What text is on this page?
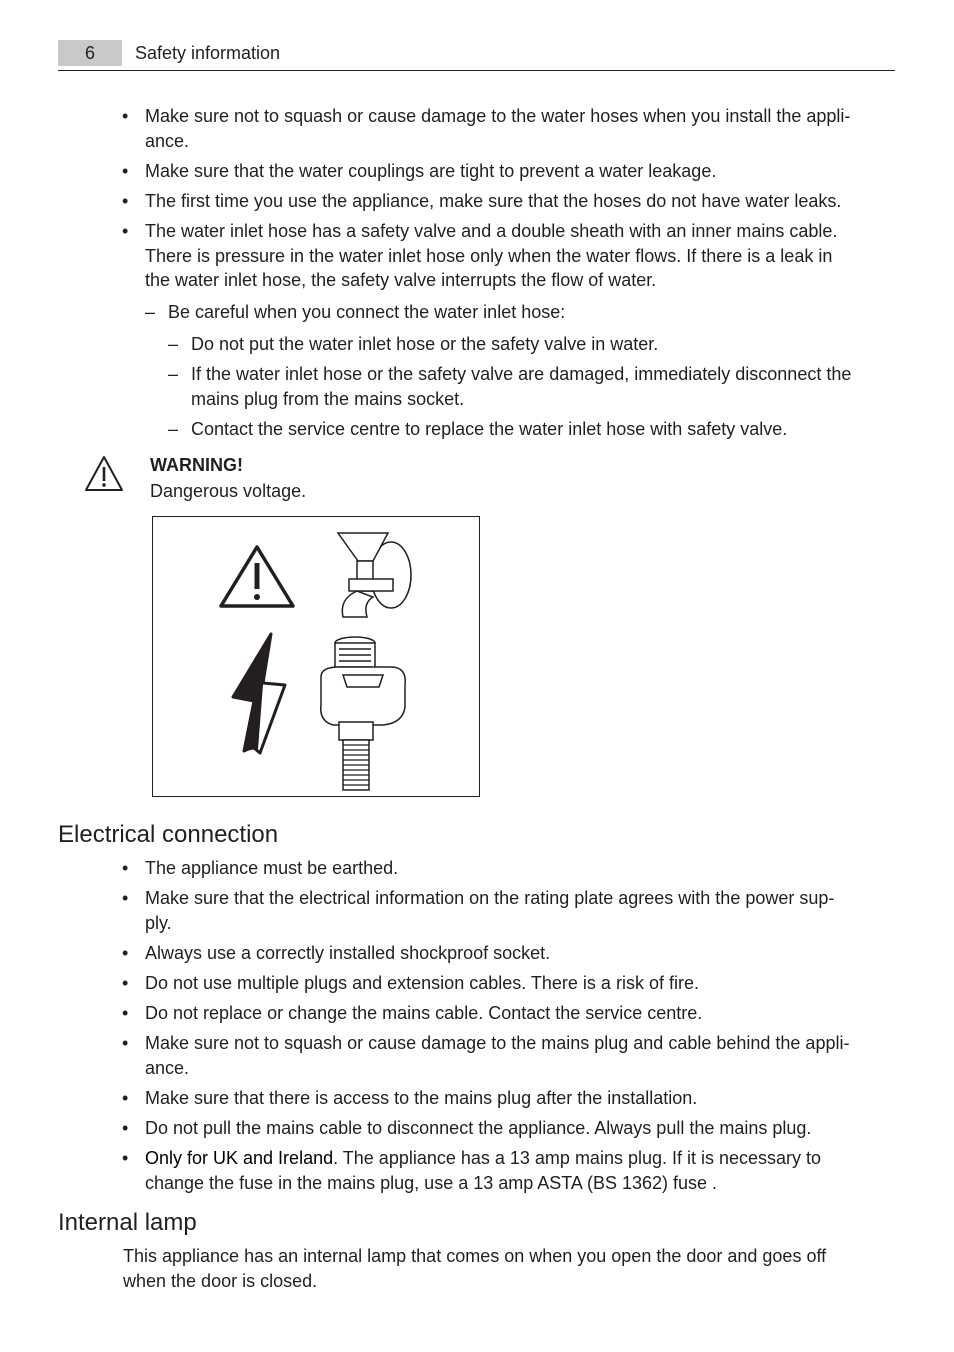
6	Safety information
•
Make sure not to squash or cause damage to the water hoses when you install the appli-
ance.
•
Make sure that the water couplings are tight to prevent a water leakage.
•
The first time you use the appliance, make sure that the hoses do not have water leaks.
•
The water inlet hose has a safety valve and a double sheath with an inner mains cable.
There is pressure in the water inlet hose only when the water flows. If there is a leak in
the water inlet hose, the safety valve interrupts the flow of water.
– Be careful when you connect the water inlet hose:
– Do not put the water inlet hose or the safety valve in water.
– If the water inlet hose or the safety valve are damaged, immediately disconnect the
mains plug from the mains socket.
– Contact the service centre to replace the water inlet hose with safety valve.
WARNING!
Dangerous voltage.
Electrical connection
•
The appliance must be earthed.
•
Make sure that the electrical information on the rating plate agrees with the power sup-
ply.
•
Always use a correctly installed shockproof socket.
•
Do not use multiple plugs and extension cables. There is a risk of fire.
•
Do not replace or change the mains cable. Contact the service centre.
•
Make sure not to squash or cause damage to the mains plug and cable behind the appli-
ance.
•
Make sure that there is access to the mains plug after the installation.
•
Do not pull the mains cable to disconnect the appliance. Always pull the mains plug.
•
Only for UK and Ireland. The appliance has a 13 amp mains plug. If it is necessary to
change the fuse in the mains plug, use a 13 amp ASTA (BS 1362) fuse .
Internal lamp
This appliance has an internal lamp that comes on when you open the door and goes off
when the door is closed.
